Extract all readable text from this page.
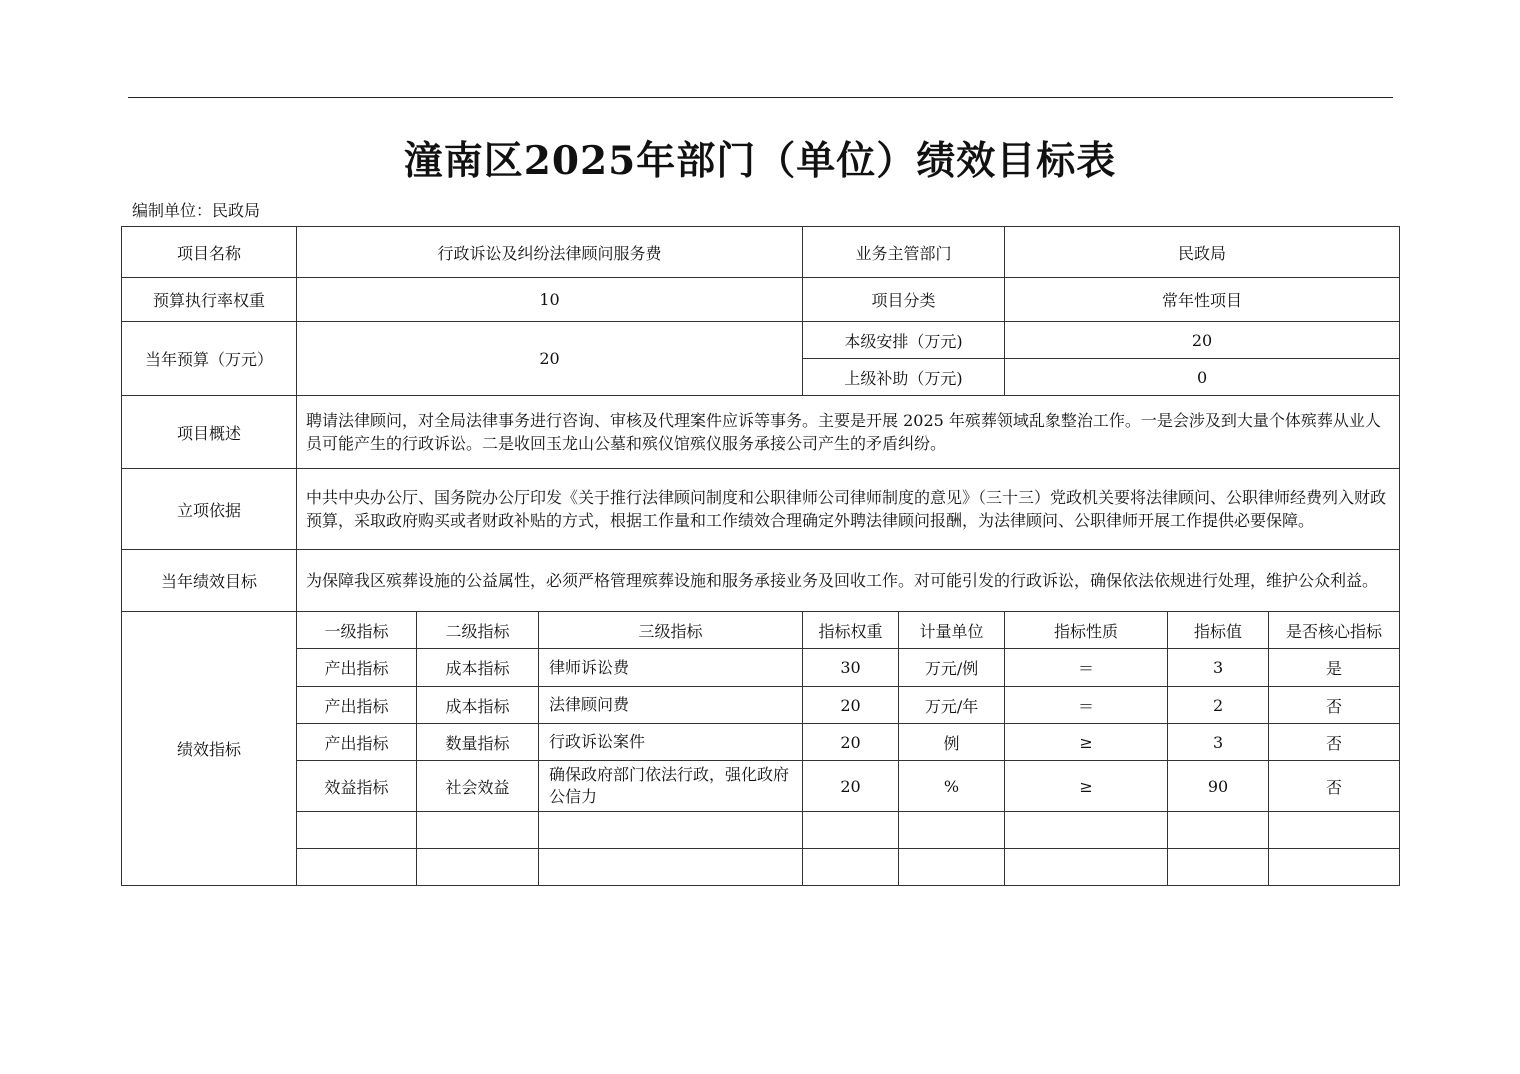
潼南区2025年部门（单位）绩效目标表
编制单位：民政局
项目名称	行政诉讼及纠纷法律顾问服务费			业务主管部门		民政局		
预算执行率权重	10			项目分类		常年性项目		
当年预算（万元）	20			本级安排（万元)		20		
				上级补助（万元)		0		
项目概述	聘请法律顾问，对全局法律事务进行咨询、审核及代理案件应诉等事务。主要是开展 2025 年殡葬领域乱象整治工作。一是会涉及到大量个体殡葬从业人员可能产生的行政诉讼。二是收回玉龙山公墓和殡仪馆殡仪服务承接公司产生的矛盾纠纷。							
立项依据	中共中央办公厅、国务院办公厅印发《关于推行法律顾问制度和公职律师公司律师制度的意见》（三十三）党政机关要将法律顾问、公职律师经费列入财政预算，采取政府购买或者财政补贴的方式，根据工作量和工作绩效合理确定外聘法律顾问报酬，为法律顾问、公职律师开展工作提供必要保障。							
当年绩效目标	为保障我区殡葬设施的公益属性，必须严格管理殡葬设施和服务承接业务及回收工作。对可能引发的行政诉讼，确保依法依规进行处理，维护公众利益。							
绩效指标	一级指标	二级指标	三级指标	指标权重	计量单位	指标性质	指标值	是否核心指标
	产出指标	成本指标	律师诉讼费	30	万元/例	＝	3	是
	产出指标	成本指标	法律顾问费	20	万元/年	＝	2	否
	产出指标	数量指标	行政诉讼案件	20	例	≥	3	否
	效益指标	社会效益	确保政府部门依法行政，强化政府公信力	20	%	≥	90	否
